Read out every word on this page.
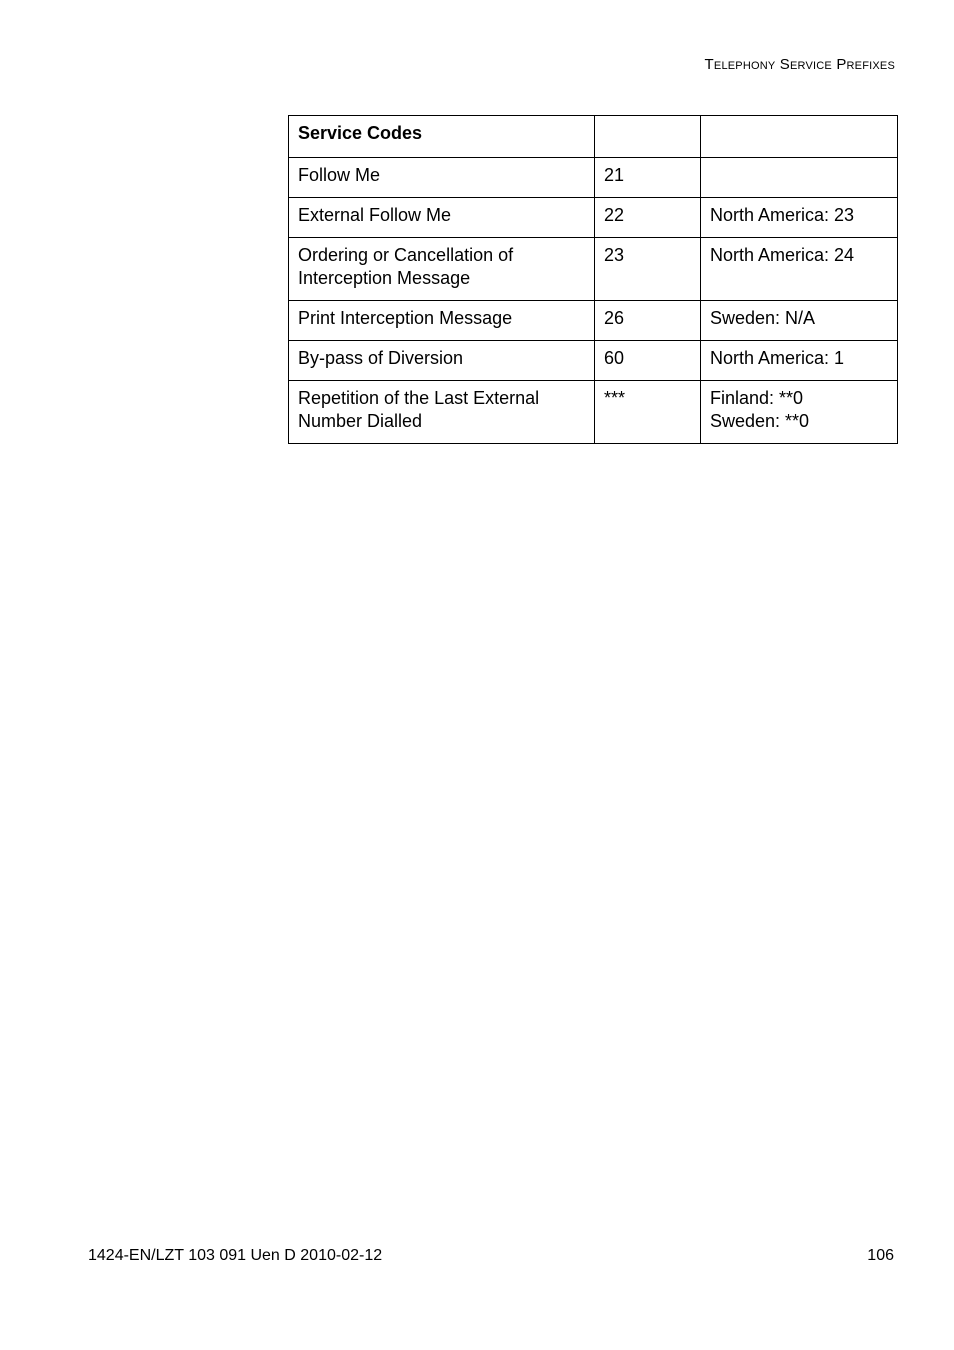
Telephony Service Prefixes
Service Codes		

Follow Me	21	

External Follow Me	22	North America: 23

Ordering or Cancellation of
Interception Message	23	North America: 24

Print Interception Message	26	Sweden: N/A

By-pass of Diversion	60	North America: 1

Repetition of the Last External
Number Dialled	***	Finland: **0
Sweden: **0
1424-EN/LZT 103 091 Uen D 2010-02-12	106
